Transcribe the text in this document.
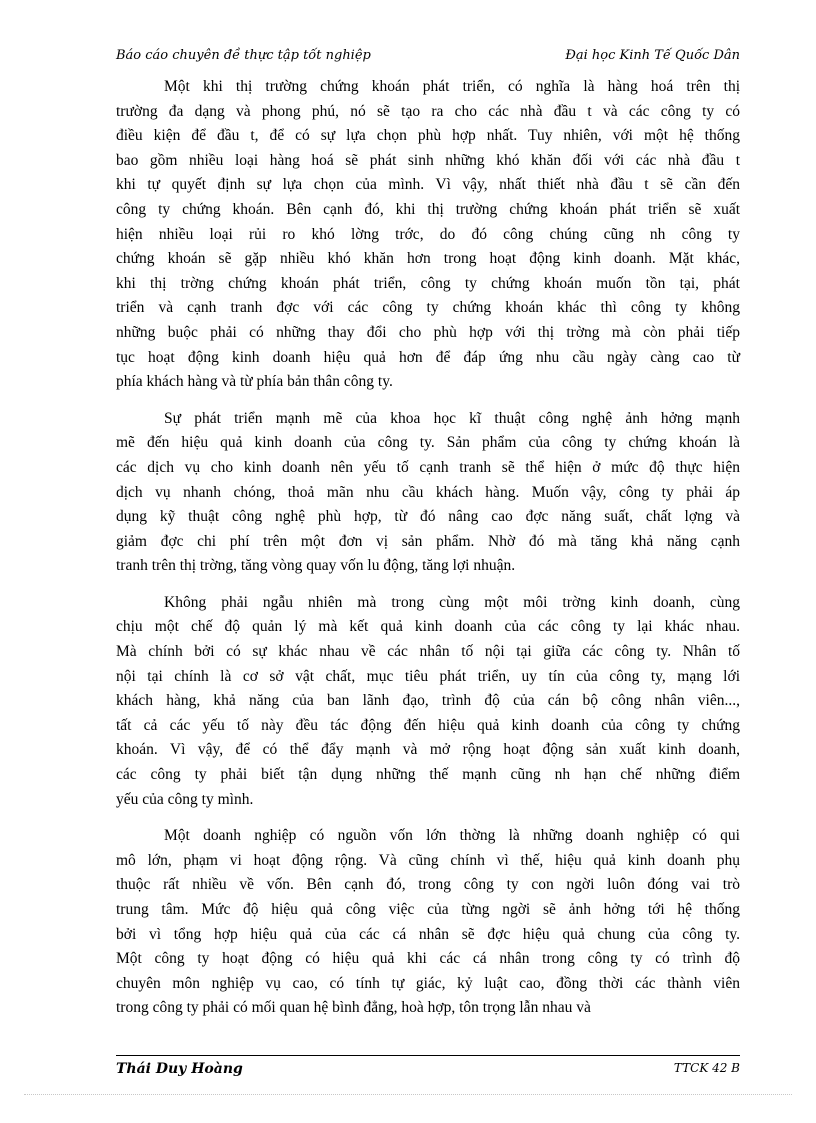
Báo cáo chuyên đề thực tập tốt nghiệp	Đại học Kinh Tế Quốc Dân

Một khi thị trường chứng khoán phát triển, có nghĩa là hàng hoá trên thị
trường đa dạng và phong phú, nó sẽ tạo ra cho các nhà đầu t và các công ty có
điều kiện để đầu t, để có sự lựa chọn phù hợp nhất. Tuy nhiên, với một hệ thống
bao gồm nhiều loại hàng hoá sẽ phát sinh những khó khăn đối với các nhà đầu t
khi tự quyết định sự lựa chọn của mình. Vì vậy, nhất thiết nhà đầu t sẽ cần đến
công ty chứng khoán. Bên cạnh đó, khi thị trường chứng khoán phát triển sẽ xuất
hiện nhiều loại rủi ro khó lờng trớc, do đó công chúng cũng nh công ty
chứng khoán sẽ gặp nhiều khó khăn hơn trong hoạt động kinh doanh. Mặt khác,
khi thị trờng chứng khoán phát triển, công ty chứng khoán muốn tồn tại, phát
triển và cạnh tranh đợc với các công ty chứng khoán khác thì công ty không
những buộc phải có những thay đổi cho phù hợp với thị trờng mà còn phải tiếp
tục hoạt động kinh doanh hiệu quả hơn để đáp ứng nhu cầu ngày càng cao từ
phía khách hàng và từ phía bản thân công ty.

Sự phát triển mạnh mẽ của khoa học kĩ thuật công nghệ ảnh hởng mạnh
mẽ đến hiệu quả kinh doanh của công ty. Sản phẩm của công ty chứng khoán là
các dịch vụ cho kinh doanh nên yếu tố cạnh tranh sẽ thể hiện ở mức độ thực hiện
dịch vụ nhanh chóng, thoả mãn nhu cầu khách hàng. Muốn vậy, công ty phải áp
dụng kỹ thuật công nghệ phù hợp, từ đó nâng cao đợc năng suất, chất lợng và
giảm đợc chi phí trên một đơn vị sản phẩm. Nhờ đó mà tăng khả năng cạnh
tranh trên thị trờng, tăng vòng quay vốn lu động, tăng lợi nhuận.

Không phải ngẫu nhiên mà trong cùng một môi trờng kinh doanh, cùng
chịu một chế độ quản lý mà kết quả kinh doanh của các công ty lại khác nhau.
Mà chính bởi có sự khác nhau về các nhân tố nội tại giữa các công ty. Nhân tố
nội tại chính là cơ sở vật chất, mục tiêu phát triển, uy tín của công ty, mạng lới
khách hàng, khả năng của ban lãnh đạo, trình độ của cán bộ công nhân viên...,
tất cả các yếu tố này đều tác động đến hiệu quả kinh doanh của công ty chứng
khoán. Vì vậy, để có thể đẩy mạnh và mở rộng hoạt động sản xuất kinh doanh,
các công ty phải biết tận dụng những thế mạnh cũng nh hạn chế những điểm
yếu của công ty mình.

Một doanh nghiệp có nguồn vốn lớn thờng là những doanh nghiệp có qui
mô lớn, phạm vi hoạt động rộng. Và cũng chính vì thế, hiệu quả kinh doanh phụ
thuộc rất nhiều về vốn. Bên cạnh đó, trong công ty con ngời luôn đóng vai trò
trung tâm. Mức độ hiệu quả công việc của từng ngời sẽ ảnh hởng tới hệ thống
bởi vì tổng hợp hiệu quả của các cá nhân sẽ đợc hiệu quả chung của công ty.
Một công ty hoạt động có hiệu quả khi các cá nhân trong công ty có trình độ
chuyên môn nghiệp vụ cao, có tính tự giác, kỷ luật cao, đồng thời các thành viên
trong công ty phải có mối quan hệ bình đẳng, hoà hợp, tôn trọng lẫn nhau và

Thái Duy Hoàng	TTCK 42 B
